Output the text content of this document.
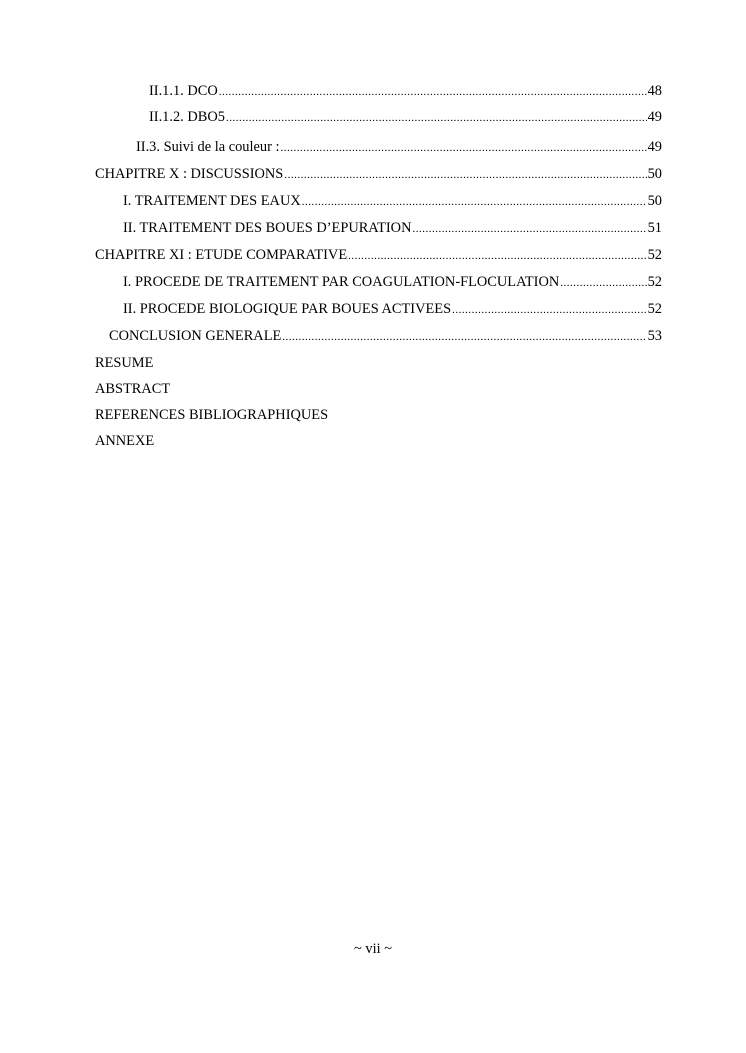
II.1.1. DCO .....	48
II.1.2. DBO5 .....	49
II.3. Suivi de la couleur : .....	49
CHAPITRE X : DISCUSSIONS .....	50
I. TRAITEMENT DES EAUX .....	50
II. TRAITEMENT DES BOUES D’EPURATION .....	51
CHAPITRE XI : ETUDE COMPARATIVE .....	52
I. PROCEDE DE TRAITEMENT PAR COAGULATION-FLOCULATION .....	52
II. PROCEDE BIOLOGIQUE PAR BOUES ACTIVEES .....	52
CONCLUSION GENERALE .....	53
RESUME
ABSTRACT
REFERENCES BIBLIOGRAPHIQUES
ANNEXE
~ vii ~
